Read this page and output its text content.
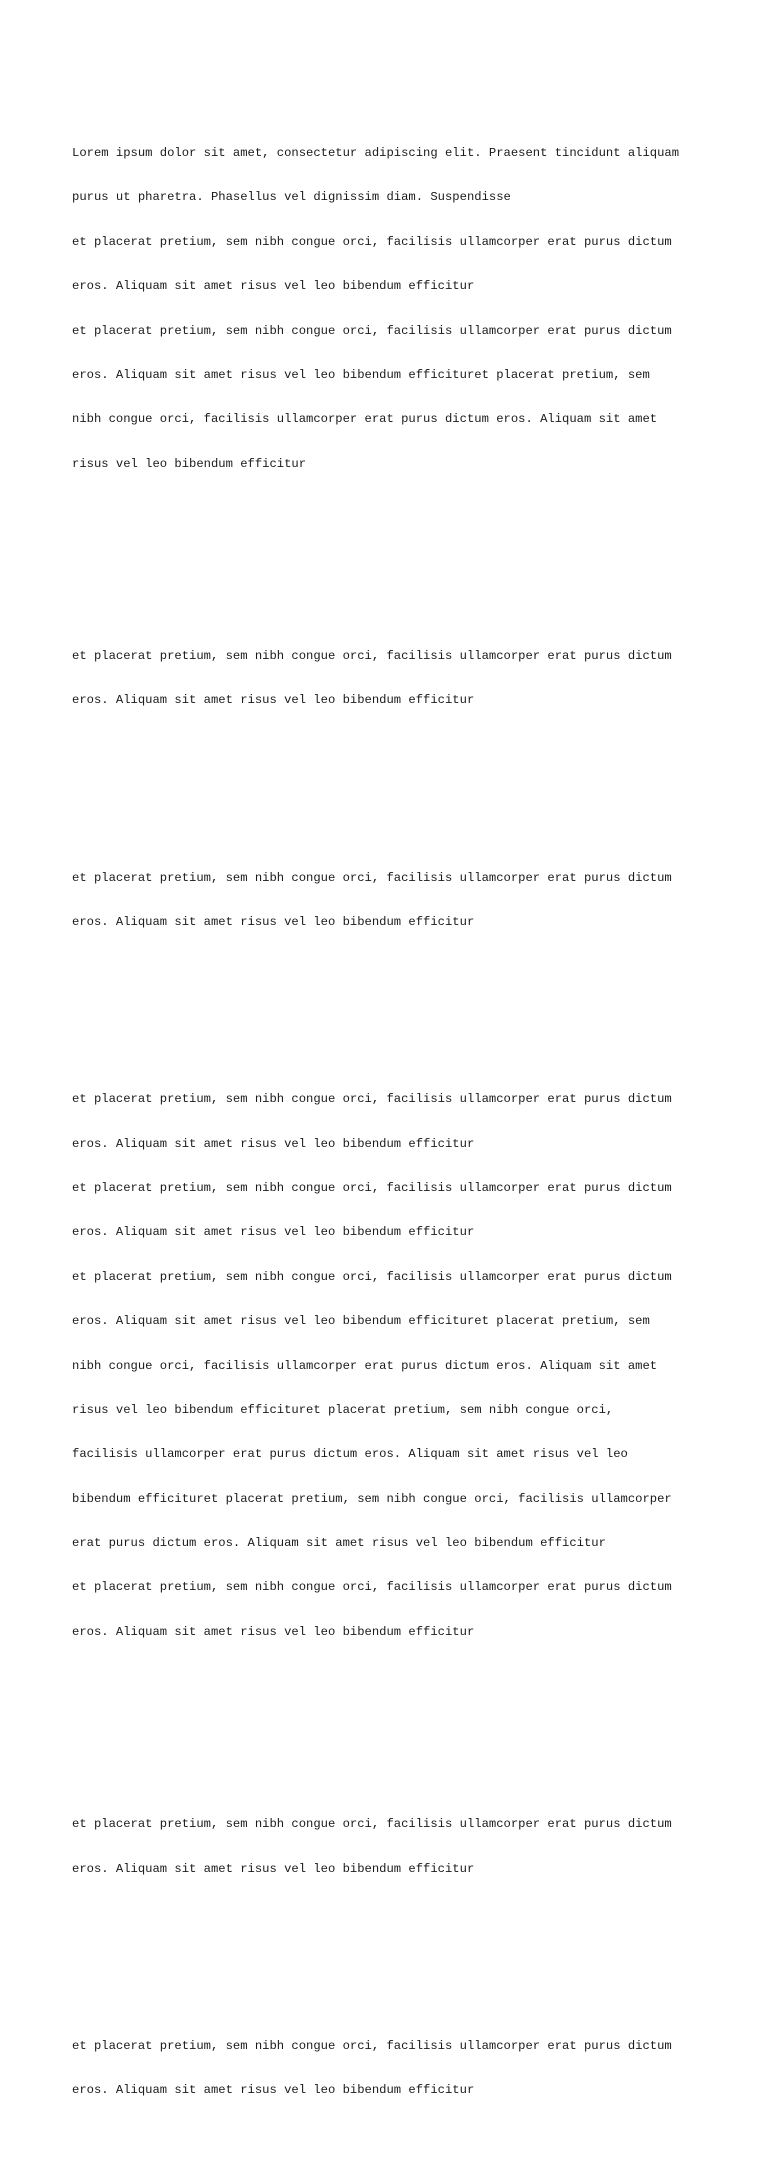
Lorem ipsum dolor sit amet, consectetur adipiscing elit. Praesent tincidunt aliquam

purus ut pharetra. Phasellus vel dignissim diam. Suspendisse

et placerat pretium, sem nibh congue orci, facilisis ullamcorper erat purus dictum

eros. Aliquam sit amet risus vel leo bibendum efficitur

et placerat pretium, sem nibh congue orci, facilisis ullamcorper erat purus dictum

eros. Aliquam sit amet risus vel leo bibendum efficituret placerat pretium, sem

nibh congue orci, facilisis ullamcorper erat purus dictum eros. Aliquam sit amet

risus vel leo bibendum efficitur

et placerat pretium, sem nibh congue orci, facilisis ullamcorper erat purus dictum

eros. Aliquam sit amet risus vel leo bibendum efficitur

et placerat pretium, sem nibh congue orci, facilisis ullamcorper erat purus dictum

eros. Aliquam sit amet risus vel leo bibendum efficitur

et placerat pretium, sem nibh congue orci, facilisis ullamcorper erat purus dictum

eros. Aliquam sit amet risus vel leo bibendum efficitur

et placerat pretium, sem nibh congue orci, facilisis ullamcorper erat purus dictum

eros. Aliquam sit amet risus vel leo bibendum efficitur

et placerat pretium, sem nibh congue orci, facilisis ullamcorper erat purus dictum

eros. Aliquam sit amet risus vel leo bibendum efficituret placerat pretium, sem

nibh congue orci, facilisis ullamcorper erat purus dictum eros. Aliquam sit amet

risus vel leo bibendum efficituret placerat pretium, sem nibh congue orci,

facilisis ullamcorper erat purus dictum eros. Aliquam sit amet risus vel leo

bibendum efficituret placerat pretium, sem nibh congue orci, facilisis ullamcorper

erat purus dictum eros. Aliquam sit amet risus vel leo bibendum efficitur

et placerat pretium, sem nibh congue orci, facilisis ullamcorper erat purus dictum

eros. Aliquam sit amet risus vel leo bibendum efficitur

et placerat pretium, sem nibh congue orci, facilisis ullamcorper erat purus dictum

eros. Aliquam sit amet risus vel leo bibendum efficitur

et placerat pretium, sem nibh congue orci, facilisis ullamcorper erat purus dictum

eros. Aliquam sit amet risus vel leo bibendum efficitur
